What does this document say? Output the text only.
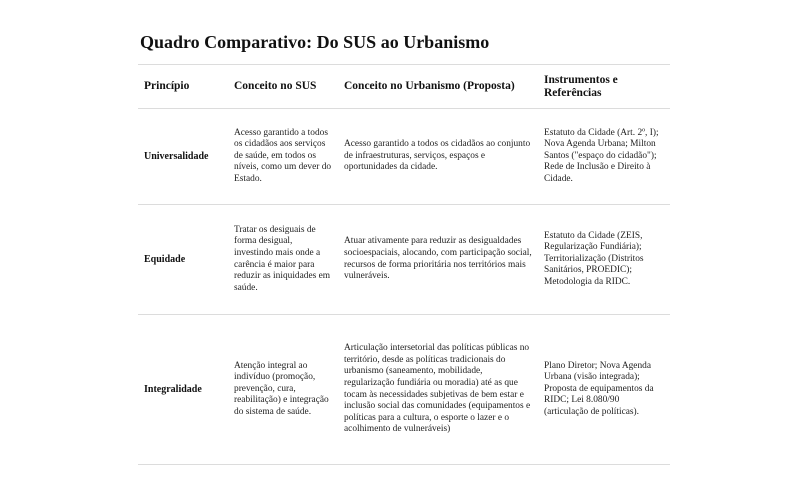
Quadro Comparativo: Do SUS ao Urbanismo
Princípio	Conceito no SUS	Conceito no Urbanismo (Proposta)	Instrumentos e Referências
Universalidade	Acesso garantido a todos os cidadãos aos serviços de saúde, em todos os níveis, como um dever do Estado.	Acesso garantido a todos os cidadãos ao conjunto de infraestruturas, serviços, espaços e oportunidades da cidade.	Estatuto da Cidade (Art. 2º, I); Nova Agenda Urbana; Milton Santos ("espaço do cidadão"); Rede de Inclusão e Direito à Cidade.
Equidade	Tratar os desiguais de forma desigual, investindo mais onde a carência é maior para reduzir as iniquidades em saúde.	Atuar ativamente para reduzir as desigualdades socioespaciais, alocando, com participação social, recursos de forma prioritária nos territórios mais vulneráveis.	Estatuto da Cidade (ZEIS, Regularização Fundiária); Territorialização (Distritos Sanitários, PROEDIC); Metodologia da RIDC.
Integralidade	Atenção integral ao indivíduo (promoção, prevenção, cura, reabilitação) e integração do sistema de saúde.	Articulação intersetorial das políticas públicas no território, desde as políticas tradicionais do urbanismo (saneamento, mobilidade, regularização fundiária ou moradia) até as que tocam às necessidades subjetivas de bem estar e inclusão social das comunidades (equipamentos e políticas para a cultura, o esporte o lazer e o acolhimento de vulneráveis)	Plano Diretor; Nova Agenda Urbana (visão integrada); Proposta de equipamentos da RIDC; Lei 8.080/90 (articulação de políticas).
